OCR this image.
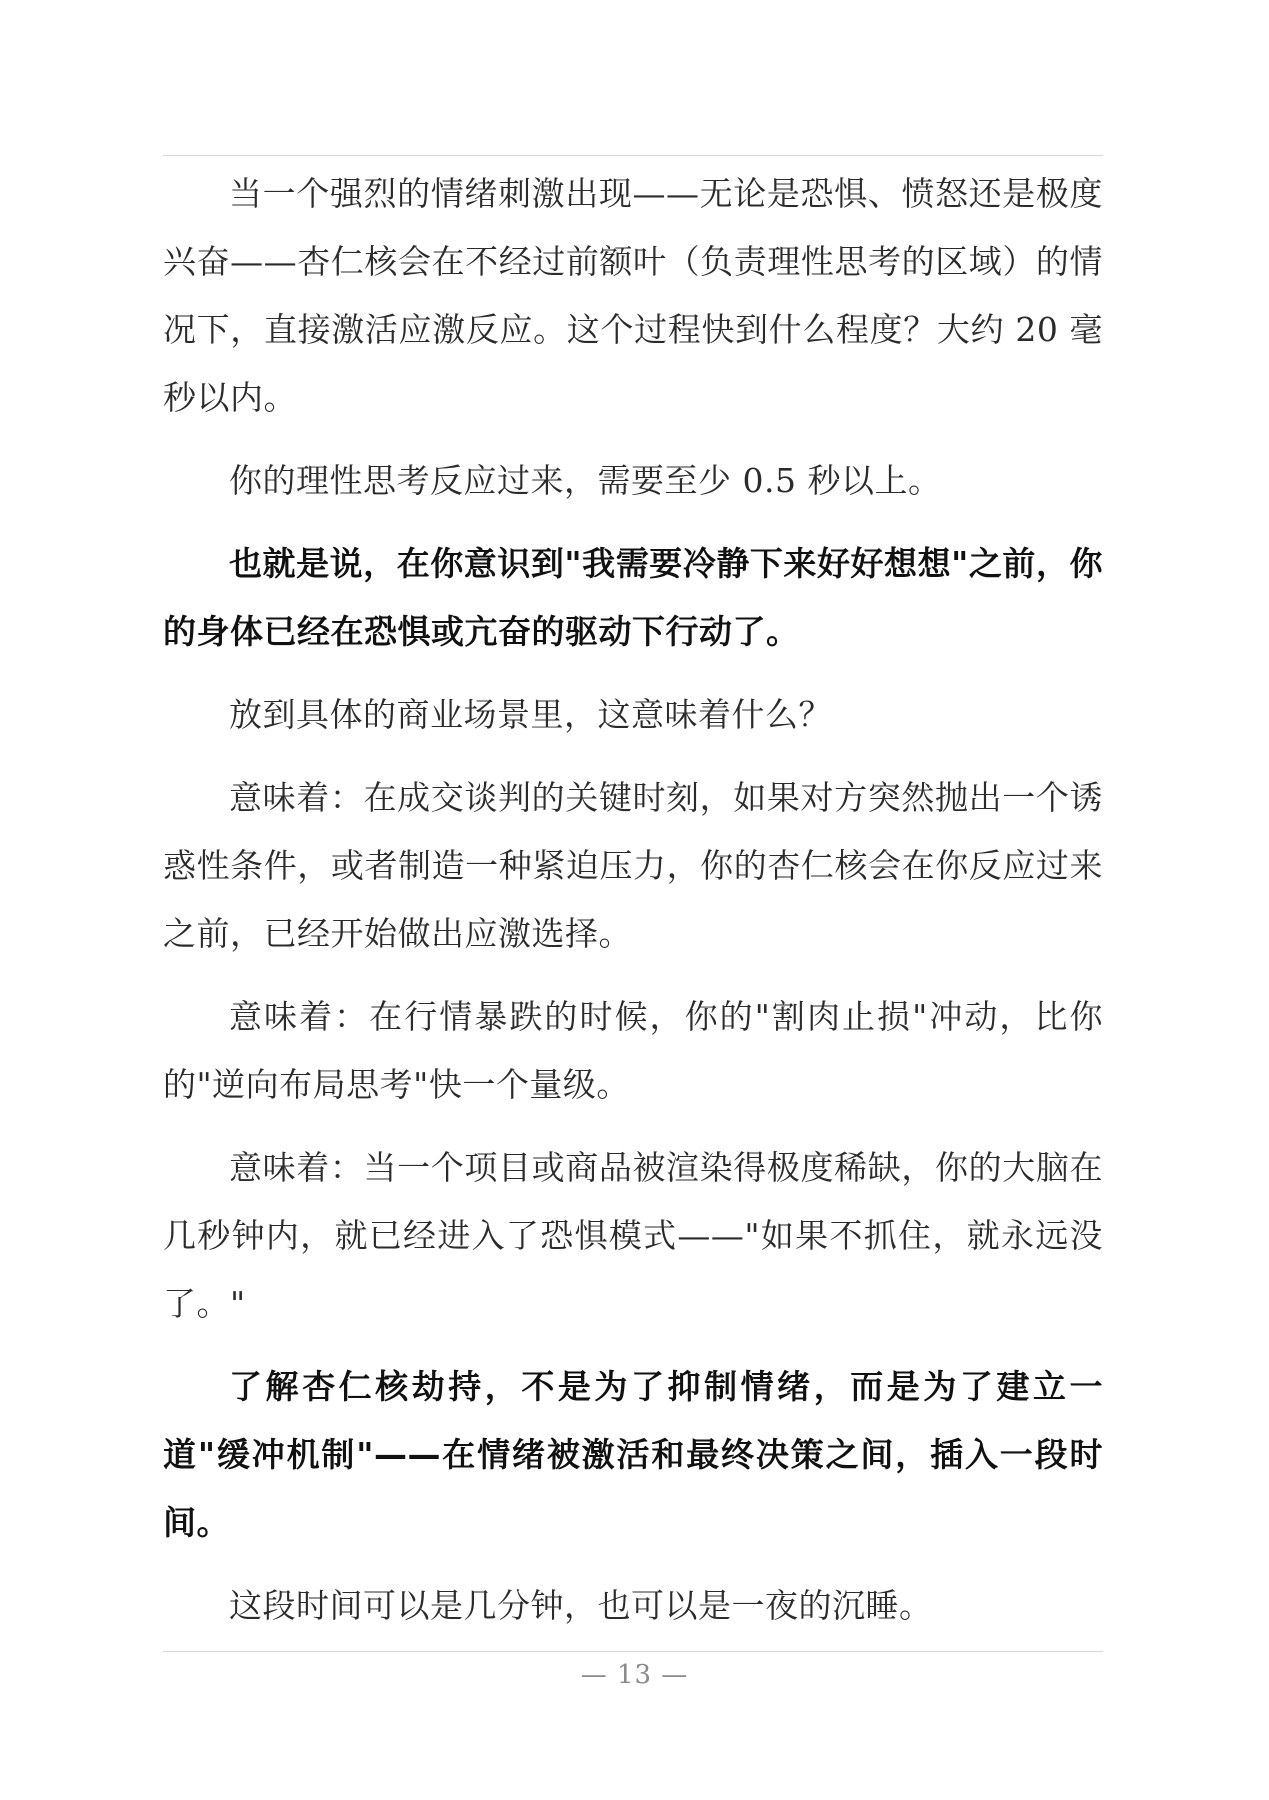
当一个强烈的情绪刺激出现——无论是恐惧、愤怒还是极度兴奋——杏仁核会在不经过前额叶（负责理性思考的区域）的情况下，直接激活应激反应。这个过程快到什么程度？大约 20 毫秒以内。

你的理性思考反应过来，需要至少 0.5 秒以上。

也就是说，在你意识到"我需要冷静下来好好想想"之前，你的身体已经在恐惧或亢奋的驱动下行动了。

放到具体的商业场景里，这意味着什么？

意味着：在成交谈判的关键时刻，如果对方突然抛出一个诱惑性条件，或者制造一种紧迫压力，你的杏仁核会在你反应过来之前，已经开始做出应激选择。

意味着：在行情暴跌的时候，你的"割肉止损"冲动，比你的"逆向布局思考"快一个量级。

意味着：当一个项目或商品被渲染得极度稀缺，你的大脑在几秒钟内，就已经进入了恐惧模式——"如果不抓住，就永远没了。"

了解杏仁核劫持，不是为了抑制情绪，而是为了建立一道"缓冲机制"——在情绪被激活和最终决策之间，插入一段时间。

这段时间可以是几分钟，也可以是一夜的沉睡。

— 13 —
